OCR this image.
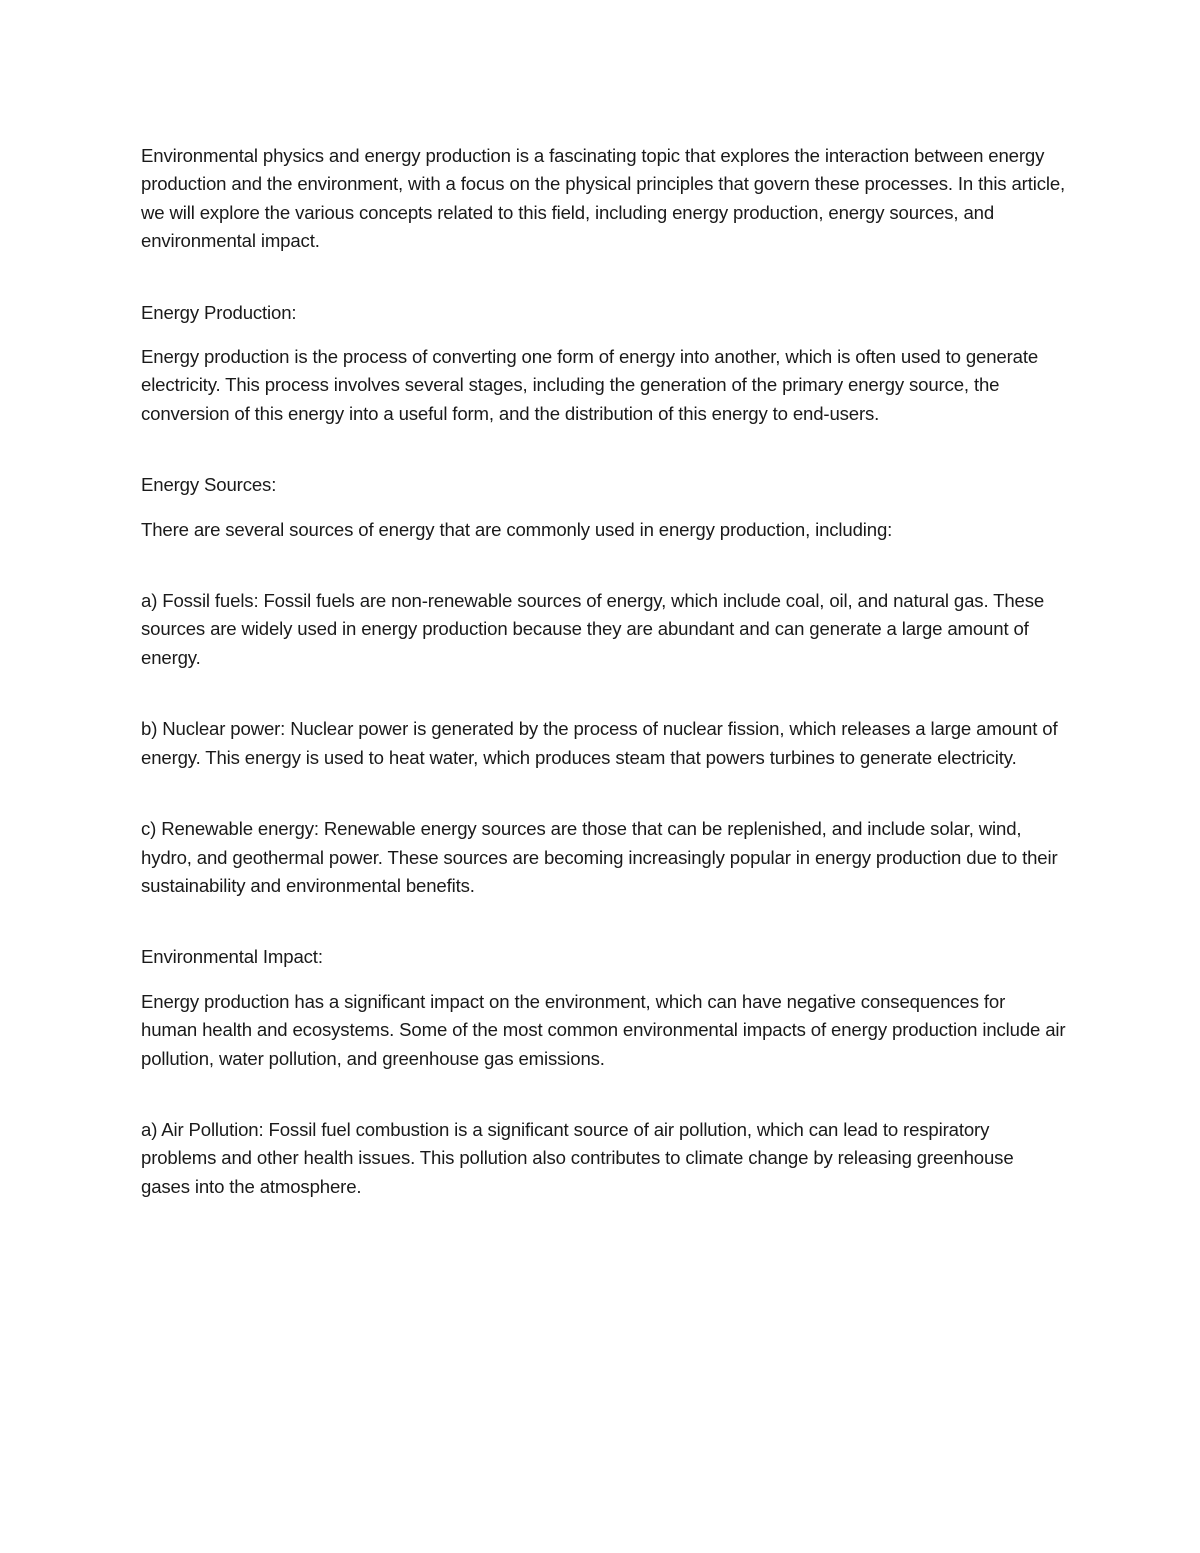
Environmental physics and energy production is a fascinating topic that explores the interaction between energy production and the environment, with a focus on the physical principles that govern these processes. In this article, we will explore the various concepts related to this field, including energy production, energy sources, and environmental impact.

Energy Production:

Energy production is the process of converting one form of energy into another, which is often used to generate electricity. This process involves several stages, including the generation of the primary energy source, the conversion of this energy into a useful form, and the distribution of this energy to end-users.

Energy Sources:

There are several sources of energy that are commonly used in energy production, including:

a) Fossil fuels: Fossil fuels are non-renewable sources of energy, which include coal, oil, and natural gas. These sources are widely used in energy production because they are abundant and can generate a large amount of energy.

b) Nuclear power: Nuclear power is generated by the process of nuclear fission, which releases a large amount of energy. This energy is used to heat water, which produces steam that powers turbines to generate electricity.

c) Renewable energy: Renewable energy sources are those that can be replenished, and include solar, wind, hydro, and geothermal power. These sources are becoming increasingly popular in energy production due to their sustainability and environmental benefits.

Environmental Impact:

Energy production has a significant impact on the environment, which can have negative consequences for human health and ecosystems. Some of the most common environmental impacts of energy production include air pollution, water pollution, and greenhouse gas emissions.

a) Air Pollution: Fossil fuel combustion is a significant source of air pollution, which can lead to respiratory problems and other health issues. This pollution also contributes to climate change by releasing greenhouse gases into the atmosphere.
